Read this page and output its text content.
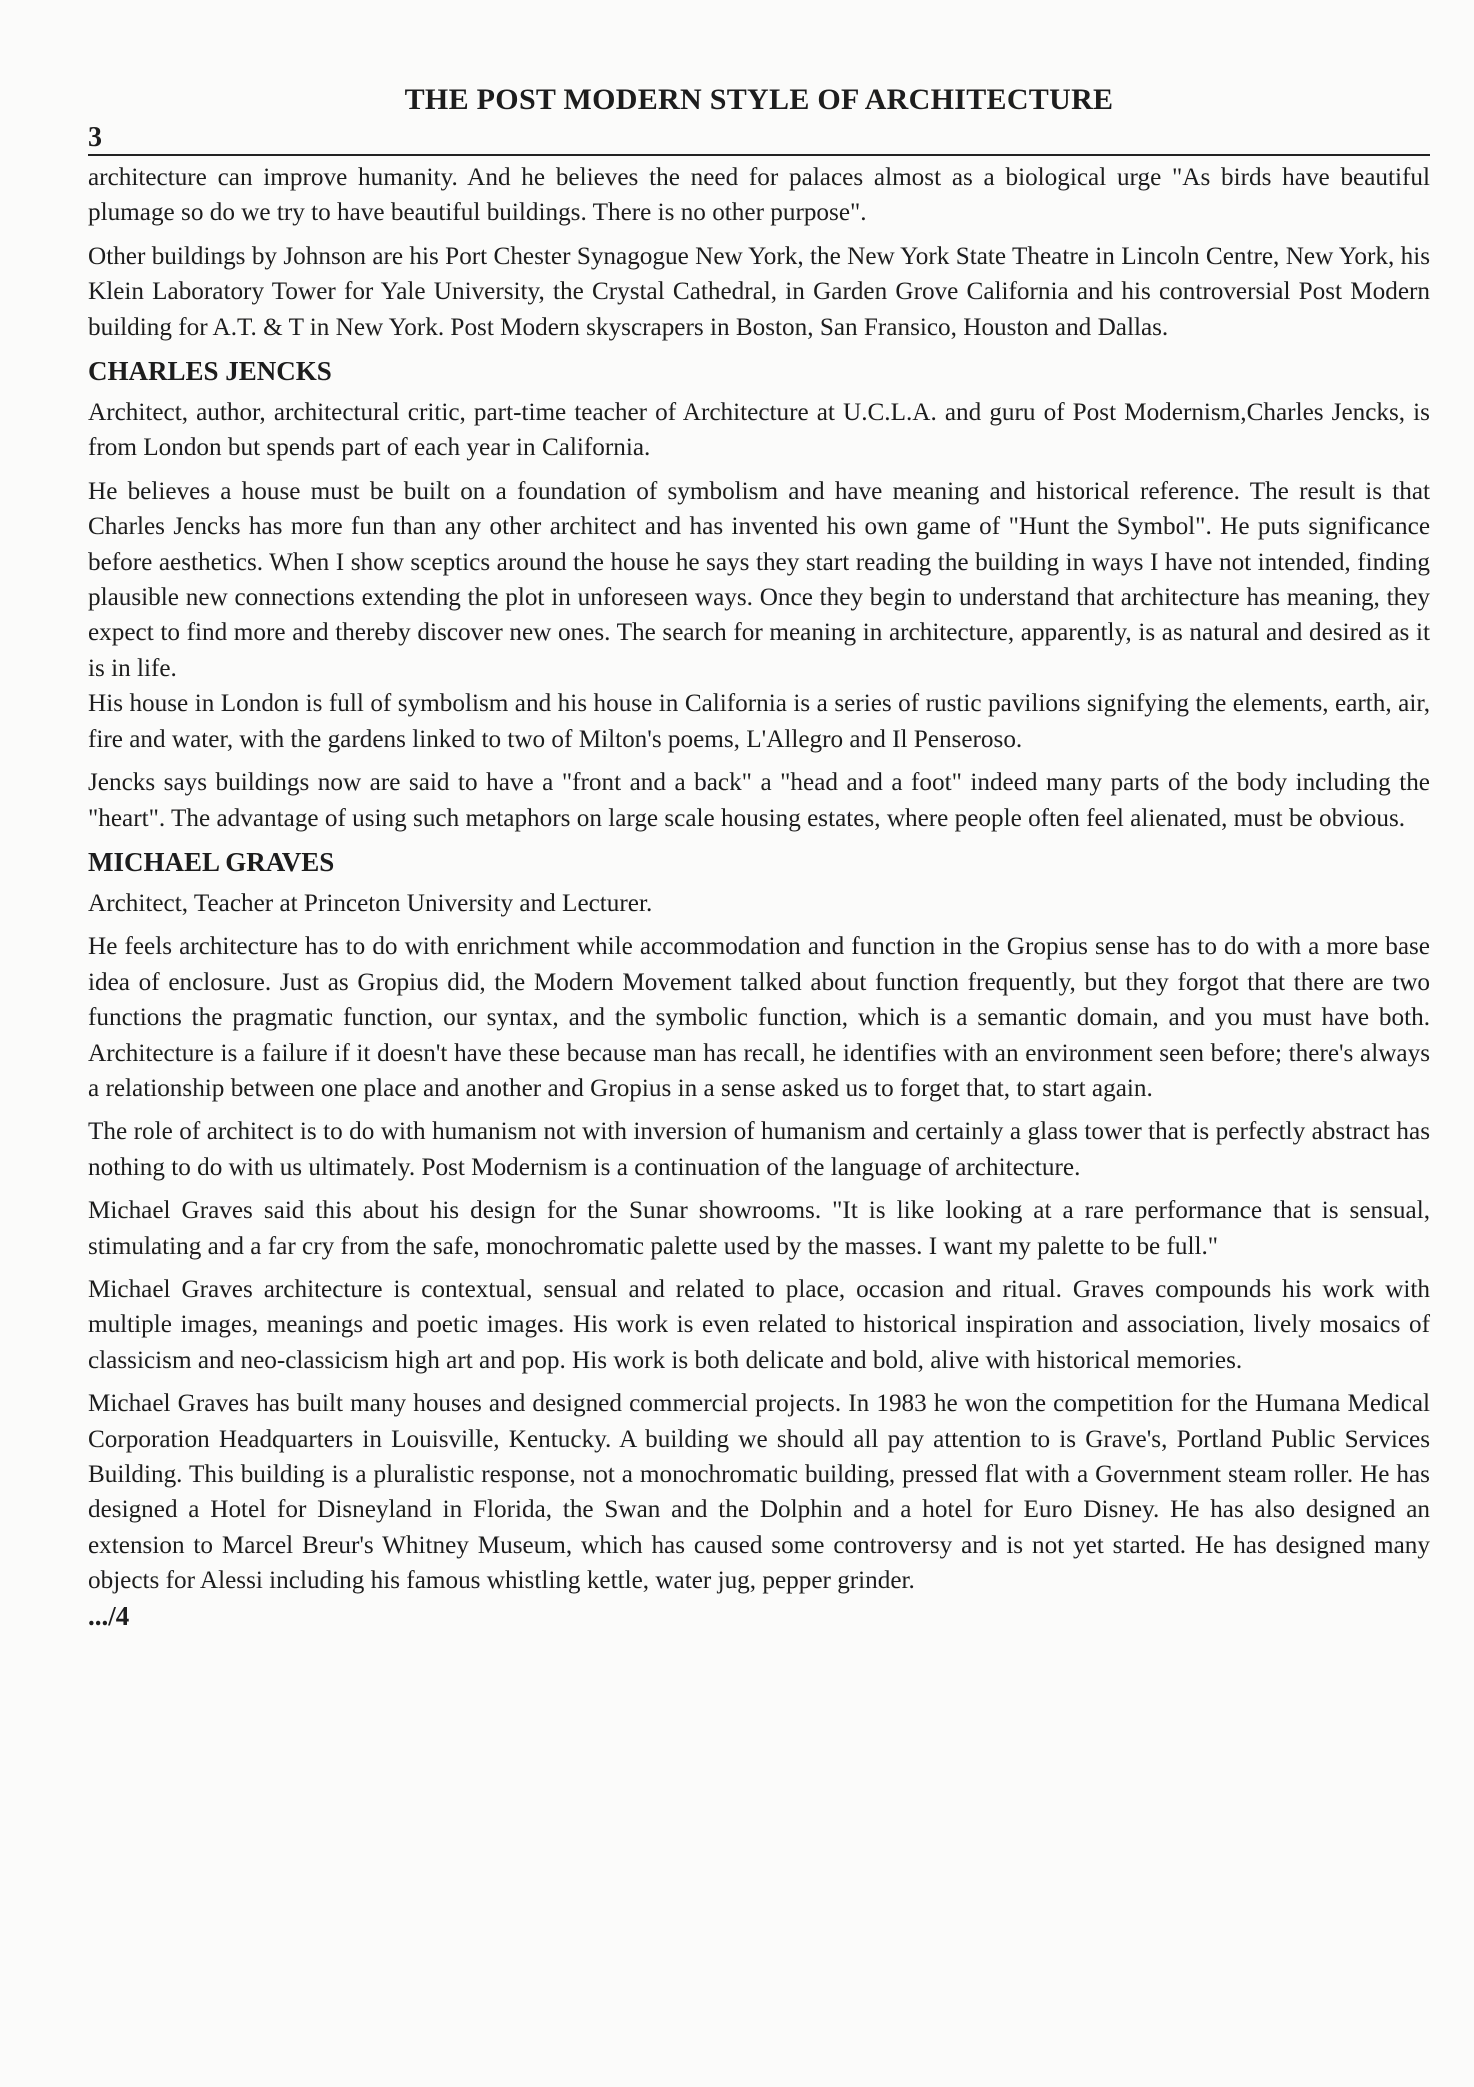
THE POST MODERN STYLE OF ARCHITECTURE
3

architecture can improve humanity. And he believes the need for palaces almost as a biological urge "As birds have beautiful plumage so do we try to have beautiful buildings. There is no other purpose".

Other buildings by Johnson are his Port Chester Synagogue New York, the New York State Theatre in Lincoln Centre, New York, his Klein Laboratory Tower for Yale University, the Crystal Cathedral, in Garden Grove California and his controversial Post Modern building for A.T. & T in New York. Post Modern skyscrapers in Boston, San Fransico, Houston and Dallas.

CHARLES JENCKS

Architect, author, architectural critic, part-time teacher of Architecture at U.C.L.A. and guru of Post Modernism,Charles Jencks, is from London but spends part of each year in California.

He believes a house must be built on a foundation of symbolism and have meaning and historical reference. The result is that Charles Jencks has more fun than any other architect and has invented his own game of "Hunt the Symbol". He puts significance before aesthetics. When I show sceptics around the house he says they start reading the building in ways I have not intended, finding plausible new connections extending the plot in unforeseen ways. Once they begin to understand that architecture has meaning, they expect to find more and thereby discover new ones. The search for meaning in architecture, apparently, is as natural and desired as it is in life.

His house in London is full of symbolism and his house in California is a series of rustic pavilions signifying the elements, earth, air, fire and water, with the gardens linked to two of Milton's poems, L'Allegro and Il Penseroso.

Jencks says buildings now are said to have a "front and a back" a "head and a foot" indeed many parts of the body including the "heart". The advantage of using such metaphors on large scale housing estates, where people often feel alienated, must be obvious.

MICHAEL GRAVES

Architect, Teacher at Princeton University and Lecturer.

He feels architecture has to do with enrichment while accommodation and function in the Gropius sense has to do with a more base idea of enclosure. Just as Gropius did, the Modern Movement talked about function frequently, but they forgot that there are two functions the pragmatic function, our syntax, and the symbolic function, which is a semantic domain, and you must have both. Architecture is a failure if it doesn't have these because man has recall, he identifies with an environment seen before; there's always a relationship between one place and another and Gropius in a sense asked us to forget that, to start again.

The role of architect is to do with humanism not with inversion of humanism and certainly a glass tower that is perfectly abstract has nothing to do with us ultimately. Post Modernism is a continuation of the language of architecture.

Michael Graves said this about his design for the Sunar showrooms. "It is like looking at a rare performance that is sensual, stimulating and a far cry from the safe, monochromatic palette used by the masses. I want my palette to be full."

Michael Graves architecture is contextual, sensual and related to place, occasion and ritual. Graves compounds his work with multiple images, meanings and poetic images. His work is even related to historical inspiration and association, lively mosaics of classicism and neo-classicism high art and pop. His work is both delicate and bold, alive with historical memories.

Michael Graves has built many houses and designed commercial projects. In 1983 he won the competition for the Humana Medical Corporation Headquarters in Louisville, Kentucky. A building we should all pay attention to is Grave's, Portland Public Services Building. This building is a pluralistic response, not a monochromatic building, pressed flat with a Government steam roller. He has designed a Hotel for Disneyland in Florida, the Swan and the Dolphin and a hotel for Euro Disney. He has also designed an extension to Marcel Breur's Whitney Museum, which has caused some controversy and is not yet started. He has designed many objects for Alessi including his famous whistling kettle, water jug, pepper grinder.

.../4
